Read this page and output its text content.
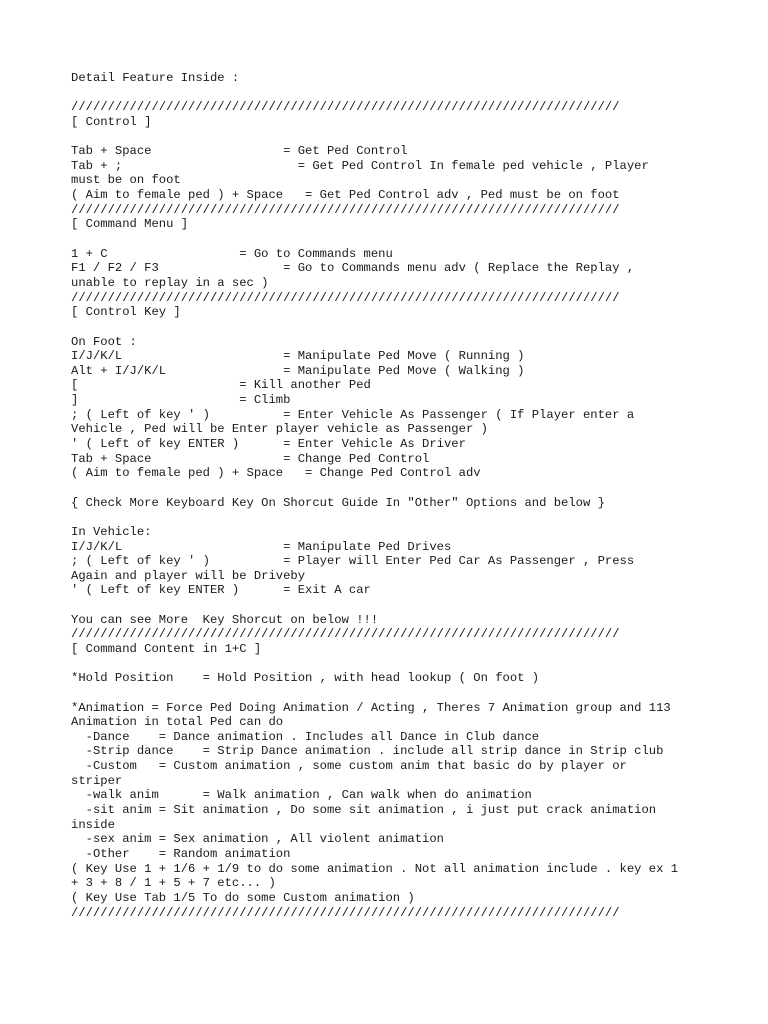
Detail Feature Inside :
///////////////////////////////////////////////////////////////////////////
[ Control ]
Tab + Space                  = Get Ped Control
Tab + ;                        = Get Ped Control In female ped vehicle , Player
must be on foot
( Aim to female ped ) + Space   = Get Ped Control adv , Ped must be on foot
///////////////////////////////////////////////////////////////////////////
[ Command Menu ]
1 + C                  = Go to Commands menu
F1 / F2 / F3                 = Go to Commands menu adv ( Replace the Replay ,
unable to replay in a sec )
///////////////////////////////////////////////////////////////////////////
[ Control Key ]
On Foot :
I/J/K/L                      = Manipulate Ped Move ( Running )
Alt + I/J/K/L                = Manipulate Ped Move ( Walking )
[                      = Kill another Ped
]                      = Climb
; ( Left of key ' )          = Enter Vehicle As Passenger ( If Player enter a
Vehicle , Ped will be Enter player vehicle as Passenger )
' ( Left of key ENTER )      = Enter Vehicle As Driver
Tab + Space                  = Change Ped Control
( Aim to female ped ) + Space   = Change Ped Control adv
{ Check More Keyboard Key On Shorcut Guide In "Other" Options and below }
In Vehicle:
I/J/K/L                      = Manipulate Ped Drives
; ( Left of key ' )          = Player will Enter Ped Car As Passenger , Press
Again and player will be Driveby
' ( Left of key ENTER )      = Exit A car
You can see More  Key Shorcut on below !!!
///////////////////////////////////////////////////////////////////////////
[ Command Content in 1+C ]
*Hold Position    = Hold Position , with head lookup ( On foot )
*Animation = Force Ped Doing Animation / Acting , Theres 7 Animation group and 113
Animation in total Ped can do
-Dance    = Dance animation . Includes all Dance in Club dance
-Strip dance    = Strip Dance animation . include all strip dance in Strip club
-Custom   = Custom animation , some custom anim that basic do by player or
striper
-walk anim      = Walk animation , Can walk when do animation
-sit anim = Sit animation , Do some sit animation , i just put crack animation
inside
-sex anim = Sex animation , All violent animation
-Other    = Random animation
( Key Use 1 + 1/6 + 1/9 to do some animation . Not all animation include . key ex 1
+ 3 + 8 / 1 + 5 + 7 etc... )
( Key Use Tab 1/5 To do some Custom animation )
///////////////////////////////////////////////////////////////////////////
